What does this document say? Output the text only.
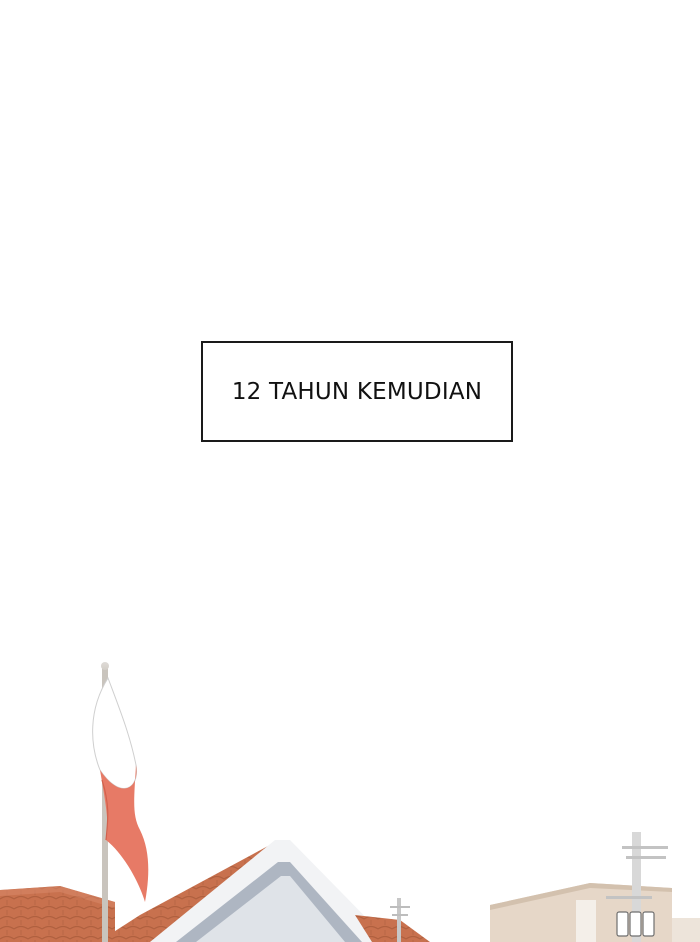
12 TAHUN KEMUDIAN
